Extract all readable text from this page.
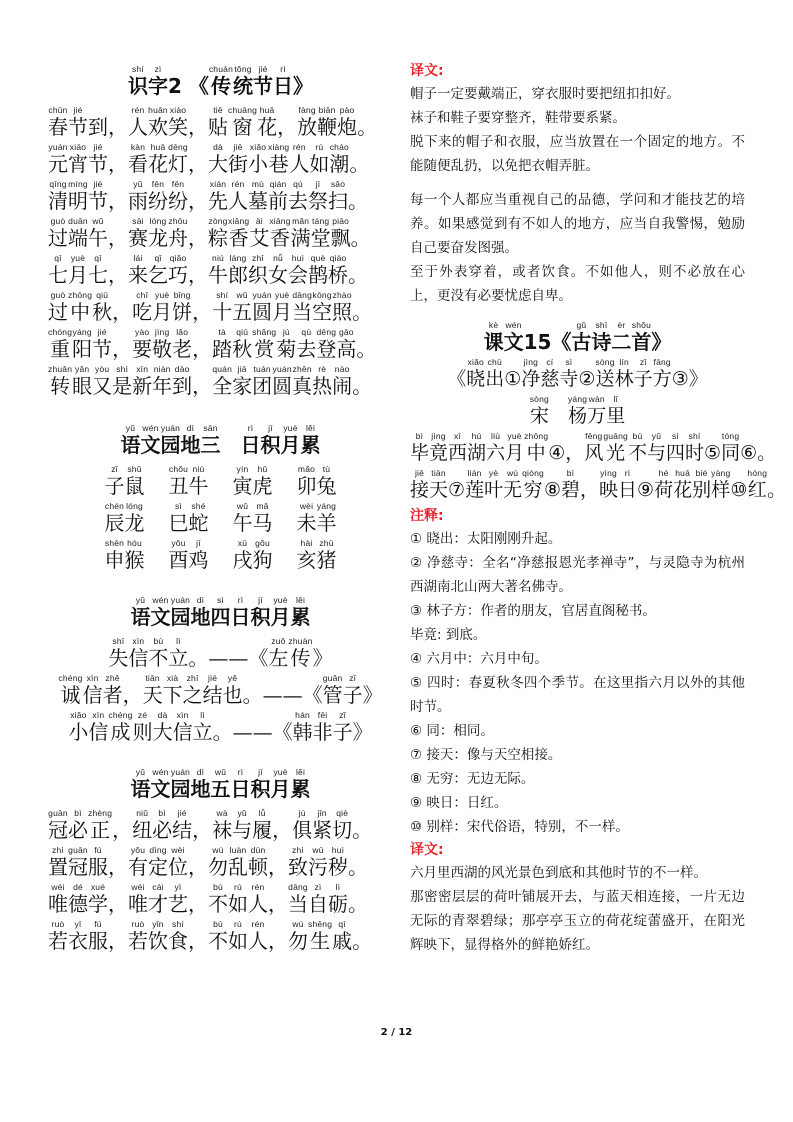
shí
识
zì
字 2 《
chuán
传
tǒng
统
jié
节
rì
日 》
chūn
春
jié
节 到，
rén
人
huān
欢
xiào
笑 ，
tiē
贴
chuāng
窗
huā
花 ，
fàng
放
biān
鞭
pào
炮 。
yuán
元
xiāo
宵
jié
节 ，
kàn
看
huā
花
dēng
灯 ，
dà
大
jiē
街
xiǎo
小
xiàng
巷
rén
人
rú
如
cháo
潮 。
qīng
清
míng
明
jié
节 ，
yǔ
雨
fēn
纷
fēn
纷 ，
xiān
先
rén
人
mù
墓
qián
前
qù
去
jì
祭
sǎo
扫 。
guò
过
duān
端
wǔ
午 ，
sài
赛
lóng
龙
zhōu
舟 ，
zòng
粽
xiāng
香
ài
艾
xiāng
香
mǎn
满
táng
堂
piāo
飘 。
qī
七
yuè
月
qī
七 ，
lái
来
qǐ
乞
qiǎo
巧 ，
niú
牛
láng
郎
zhī
织
nǚ
女
huì
会
què
鹊
qiáo
桥 。
guò
过
zhōng
中
qiū
秋 ，
chī
吃
yuè
月
bǐng
饼 ，
shí
十
wǔ
五
yuán
圆
yuè
月
dāng
当
kōng
空
zhào
照 。
chóng
重
yáng
阳
jié
节 ，
yào
要
jìng
敬
lǎo
老 ，
tà
踏
qiū
秋
shǎng
赏
jú
菊
qù
去
dēng
登
gāo
高 。
zhuǎn
转
yǎn
眼
yòu
又
shì
是
xīn
新
nián
年
dào
到 ，
quán
全
jiā
家
tuán
团
yuán
圆
zhēn
真
rè
热
nào
闹 。
yǔ
语
wén
文
yuán
园
dì
地
sān
三

rì
日
jī
积
yuè
月
lěi
累
zǐ
子
shǔ
鼠
chǒu
丑
niú
牛
yín
寅
hǔ
虎
mǎo
卯
tù
兔
chén
辰
lóng
龙
sì
巳
shé
蛇
wǔ
午
mǎ
马
wèi
未
yáng
羊
shēn
申
hóu
猴
yǒu
酉
jī
鸡
xū
戌
gǒu
狗
hài
亥
zhū
猪
yǔ
语
wén
文
yuán
园
dì
地
sì
四
rì
日
jī
积
yuè
月
lěi
累
shī
失
xìn
信
bù
不
lì
立 。——《
zuǒ
左
zhuàn
传 》
chéng
诚
xìn
信
zhě
者 ，
tiān
天
xià
下
zhī
之
jié
结
yě
也 。——《
guǎn
管
zǐ
子 》
xiǎo
小
xìn
信
chéng
成
zé
则
dà
大
xìn
信
lì
立 。——《
hán
韩
fēi
非
zǐ
子 》
yǔ
语
wén
文
yuán
园
dì
地
wǔ
五
rì
日
jī
积
yuè
月
lěi
累
guàn
冠
bì
必
zhèng
正 ，
niǔ
纽
bì
必
jié
结 ，
wà
袜
yǔ
与
lǚ
履 ，
jù
俱
jǐn
紧
qiè
切 。
zhì
置
guān
冠
fú
服 ，
yǒu
有
dìng
定
wèi
位 ，
wù
勿
luàn
乱
dùn
顿 ，
zhì
致
wū
污
huì
秽 。
wéi
唯
dé
德
xué
学 ，
wéi
唯
cái
才
yì
艺 ，
bù
不
rú
如
rén
人 ，
dāng
当
zì
自
lì
砺 。
ruò
若
yī
衣
fú
服 ，
ruò
若
yǐn
饮
shí
食 ，
bù
不
rú
如
rén
人 ，
wù
勿
shēng
生
qī
戚 。
译文:
帽子一定要戴端正，穿衣服时要把纽扣扣好。
袜子和鞋子要穿整齐，鞋带要系紧。
脱下来的帽子和衣服，应当放置在一个固定的地方。不能随便乱扔，以免把衣帽弄脏。
每一个人都应当重视自己的品德，学问和才能技艺的培养。如果感觉到有不如人的地方，应当自我警惕，勉励自己要奋发图强。
至于外表穿着，或者饮食。不如他人，则不必放在心上，更没有必要忧虑自卑。
kè
课
wén
文 15《
gǔ
古
shī
诗
èr
二
shǒu
首 》
《
xiǎo
晓
chū
出 ①
jìng
净
cí
慈
sì
寺 ②
sòng
送
lín
林
zǐ
子
fāng
方 ③》
sòng
宋

yáng
杨
wàn
万
lǐ
里
bì
毕
jìng
竟
xī
西
hú
湖
liù
六
yuè
月
zhōng
中 ④，
fēng
风
guāng
光
bù
不
yǔ
与
sì
四
shí
时 ⑤
tóng
同 ⑥。
jiē
接
tiān
天 ⑦
lián
莲
yè
叶
wú
无
qióng
穷 ⑧
bì
碧 ，
yìng
映
rì
日 ⑨
hé
荷
huā
花
bié
别
yàng
样 ⑩
hóng
红 。
注释:
① 晓出：太阳刚刚升起。
② 净慈寺：全名“净慈报恩光孝禅寺”，与灵隐寺为杭州西湖南北山两大著名佛寺。
③ 林子方：作者的朋友，官居直阁秘书。
毕竟: 到底。
④ 六月中：六月中旬。
⑤ 四时：春夏秋冬四个季节。在这里指六月以外的其他时节。
⑥ 同：相同。
⑦ 接天：像与天空相接。
⑧ 无穷：无边无际。
⑨ 映日：日红。
⑩ 别样：宋代俗语，特别，不一样。
译文:
六月里西湖的风光景色到底和其他时节的不一样。
那密密层层的荷叶铺展开去，与蓝天相连接，一片无边无际的青翠碧绿；那亭亭玉立的荷花绽蕾盛开，在阳光辉映下，显得格外的鲜艳娇红。
2 / 12
